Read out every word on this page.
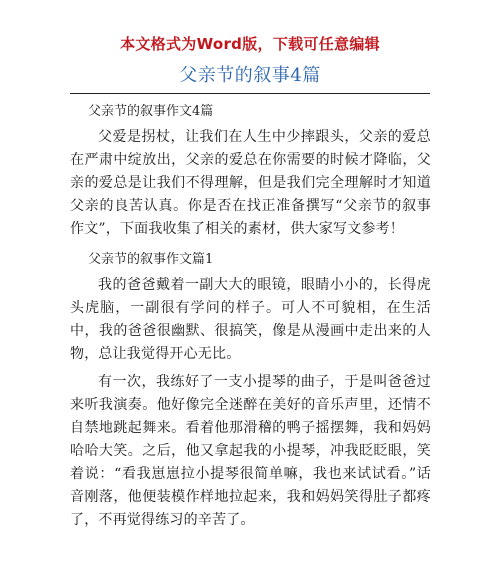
本文格式为Word版，下载可任意编辑
父亲节的叙事4篇

父亲节的叙事作文4篇

父爱是拐杖，让我们在人生中少摔跟头，父亲的爱总在严肃中绽放出，父亲的爱总在你需要的时候才降临，父亲的爱总是让我们不得理解，但是我们完全理解时才知道父亲的良苦认真。你是否在找正准备撰写“父亲节的叙事作文”，下面我收集了相关的素材，供大家写文参考！

父亲节的叙事作文篇1

我的爸爸戴着一副大大的眼镜，眼睛小小的，长得虎头虎脑，一副很有学问的样子。可人不可貌相，在生活中，我的爸爸很幽默、很搞笑，像是从漫画中走出来的人物，总让我觉得开心无比。

有一次，我练好了一支小提琴的曲子，于是叫爸爸过来听我演奏。他好像完全迷醉在美好的音乐声里，还情不自禁地跳起舞来。看着他那滑稽的鸭子摇摆舞，我和妈妈哈哈大笑。之后，他又拿起我的小提琴，冲我眨眨眼，笑着说：“看我崽崽拉小提琴很简单嘛，我也来试试看。”话音刚落，他便装模作样地拉起来，我和妈妈笑得肚子都疼了，不再觉得练习的辛苦了。
